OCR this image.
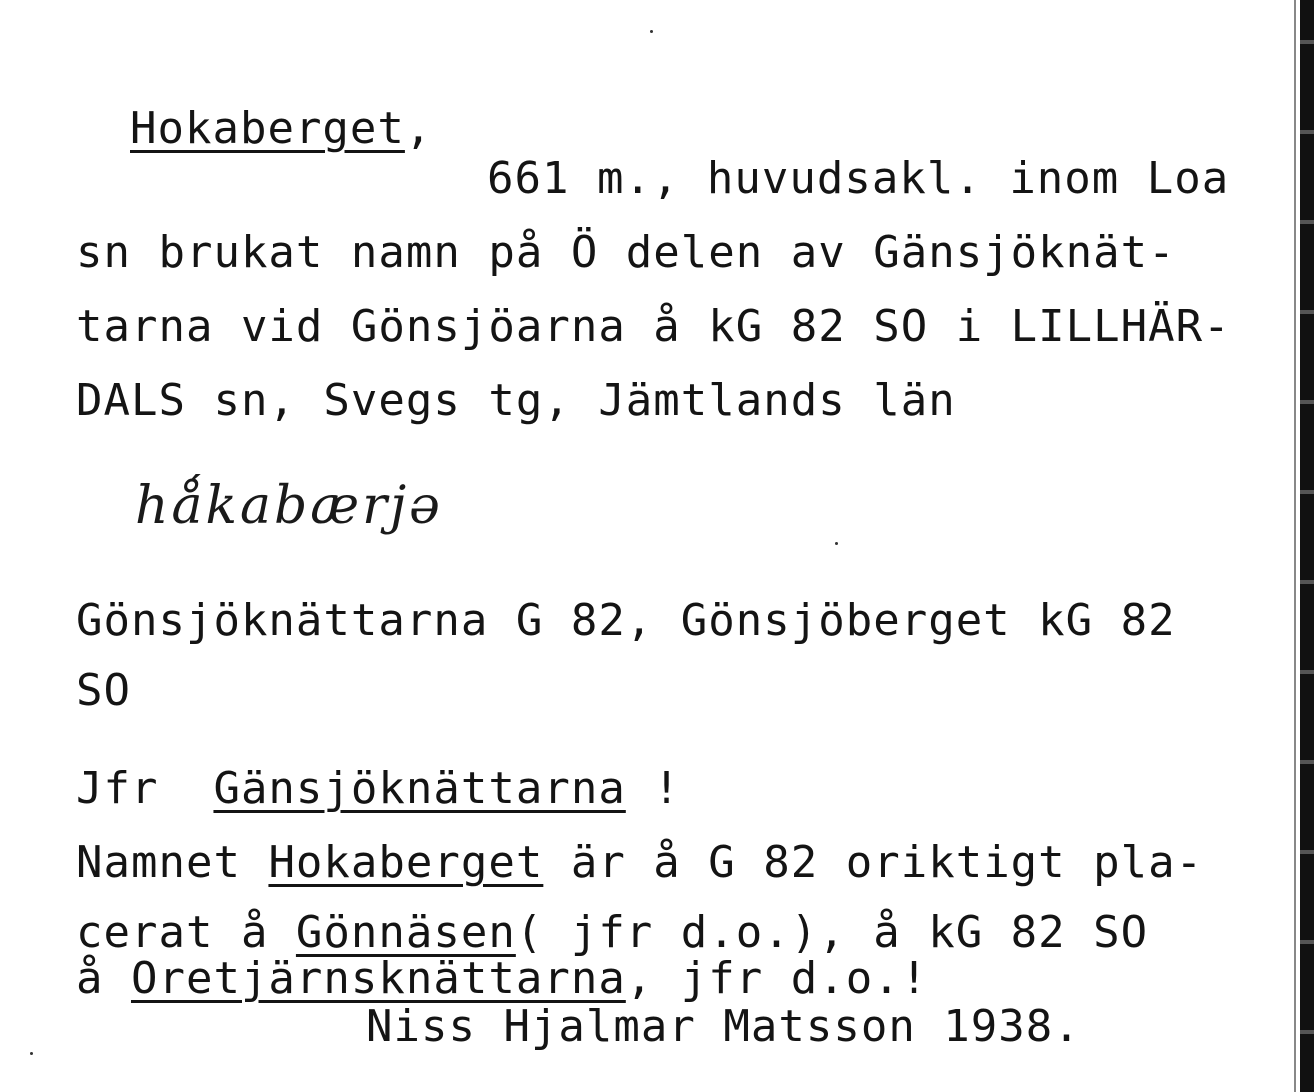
Hokaberget,
661 m., huvudsakl. inom Loa
sn brukat namn på Ö delen av Gänsjöknät-
tarna vid Gönsjöarna å kG 82 SO i LILLHÄR-
DALS sn, Svegs tg, Jämtlands län
hǻkabærjə
Gönsjöknättarna G 82, Gönsjöberget kG 82
SO
Jfr  Gänsjöknättarna !
Namnet Hokaberget är å G 82 oriktigt pla-
cerat å Gönnäsen( jfr d.o.), å kG 82 SO
å Oretjärnsknättarna, jfr d.o.!
Niss Hjalmar Matsson 1938.
